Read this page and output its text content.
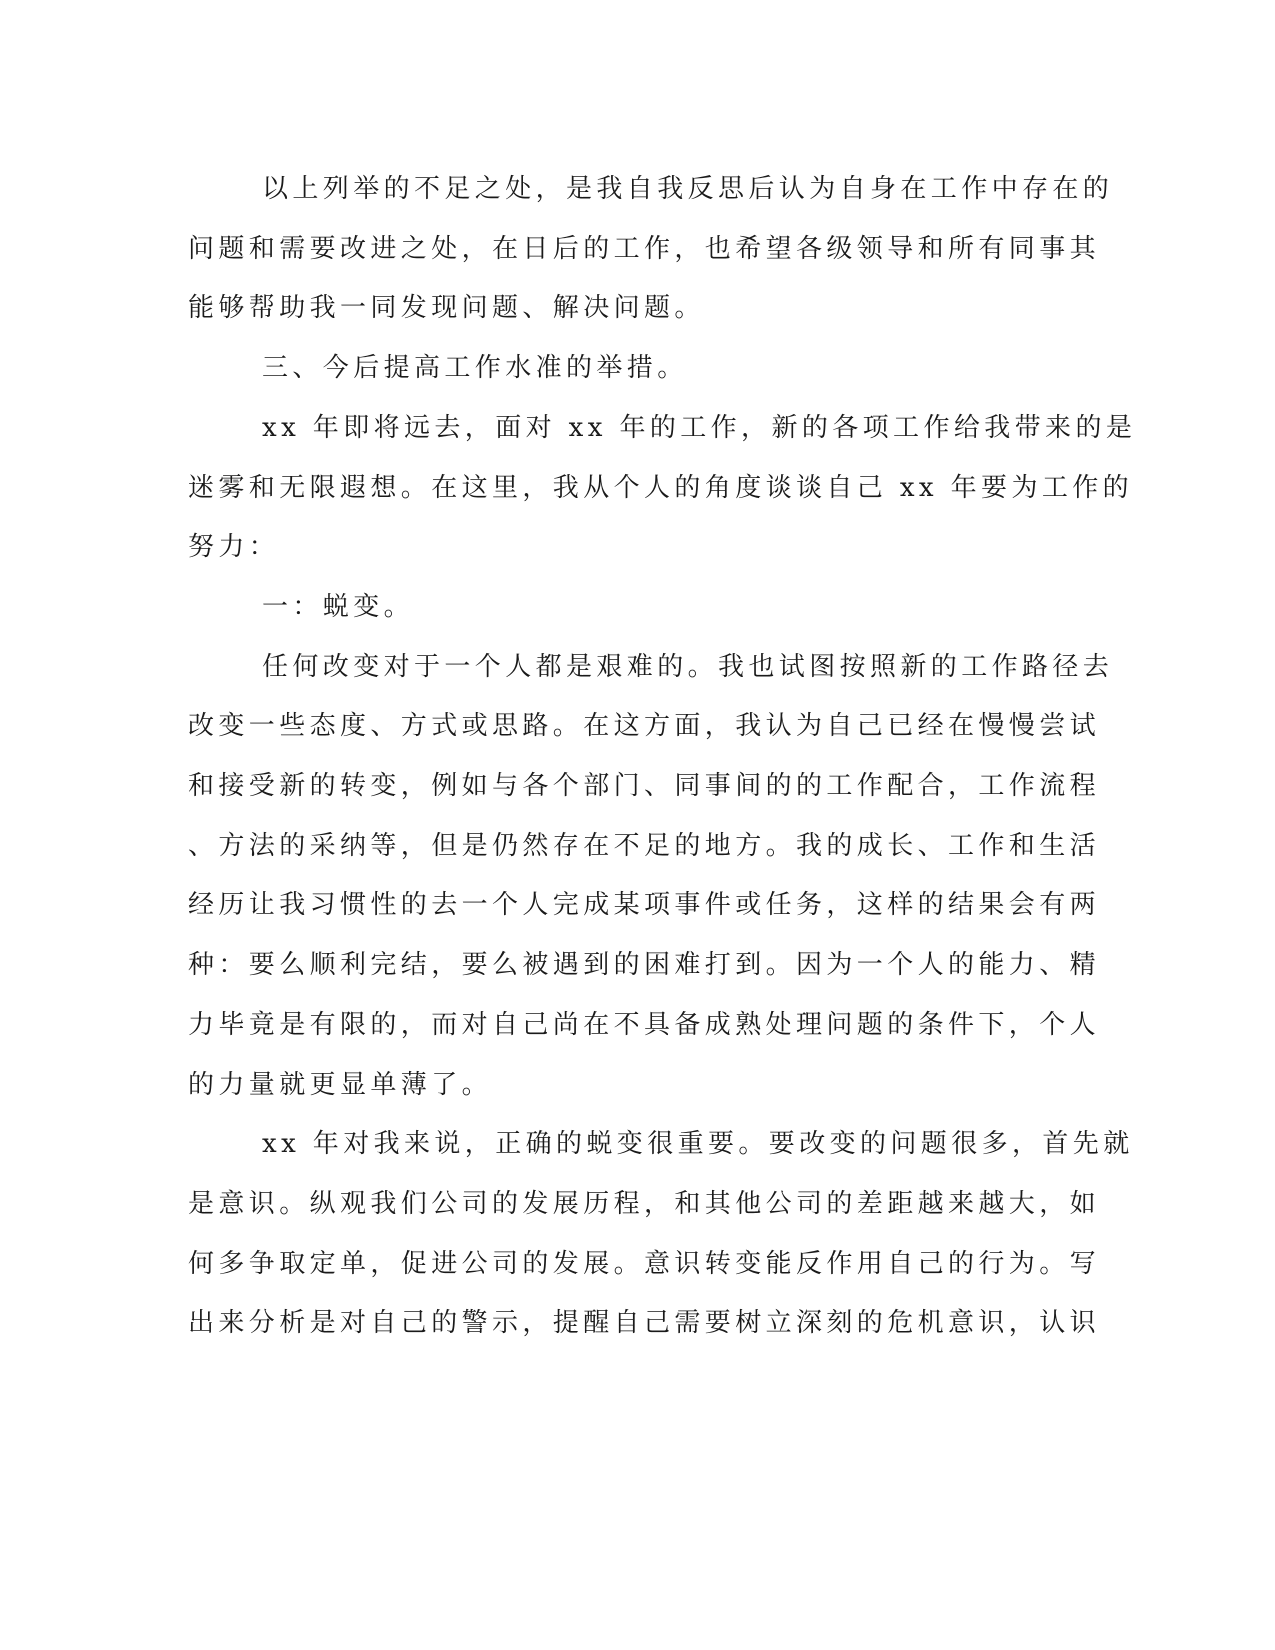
以上列举的不足之处，是我自我反思后认为自身在工作中存在的
问题和需要改进之处，在日后的工作，也希望各级领导和所有同事其
能够帮助我一同发现问题、解决问题。

三、今后提高工作水准的举措。

xx 年即将远去，面对 xx 年的工作，新的各项工作给我带来的是
迷雾和无限遐想。在这里，我从个人的角度谈谈自己 xx 年要为工作的
努力：

一：蜕变。

任何改变对于一个人都是艰难的。我也试图按照新的工作路径去
改变一些态度、方式或思路。在这方面，我认为自己已经在慢慢尝试
和接受新的转变，例如与各个部门、同事间的的工作配合，工作流程
、方法的采纳等，但是仍然存在不足的地方。我的成长、工作和生活
经历让我习惯性的去一个人完成某项事件或任务，这样的结果会有两
种：要么顺利完结，要么被遇到的困难打到。因为一个人的能力、精
力毕竟是有限的，而对自己尚在不具备成熟处理问题的条件下，个人
的力量就更显单薄了。

xx 年对我来说，正确的蜕变很重要。要改变的问题很多，首先就
是意识。纵观我们公司的发展历程，和其他公司的差距越来越大，如
何多争取定单，促进公司的发展。意识转变能反作用自己的行为。写
出来分析是对自己的警示，提醒自己需要树立深刻的危机意识，认识
